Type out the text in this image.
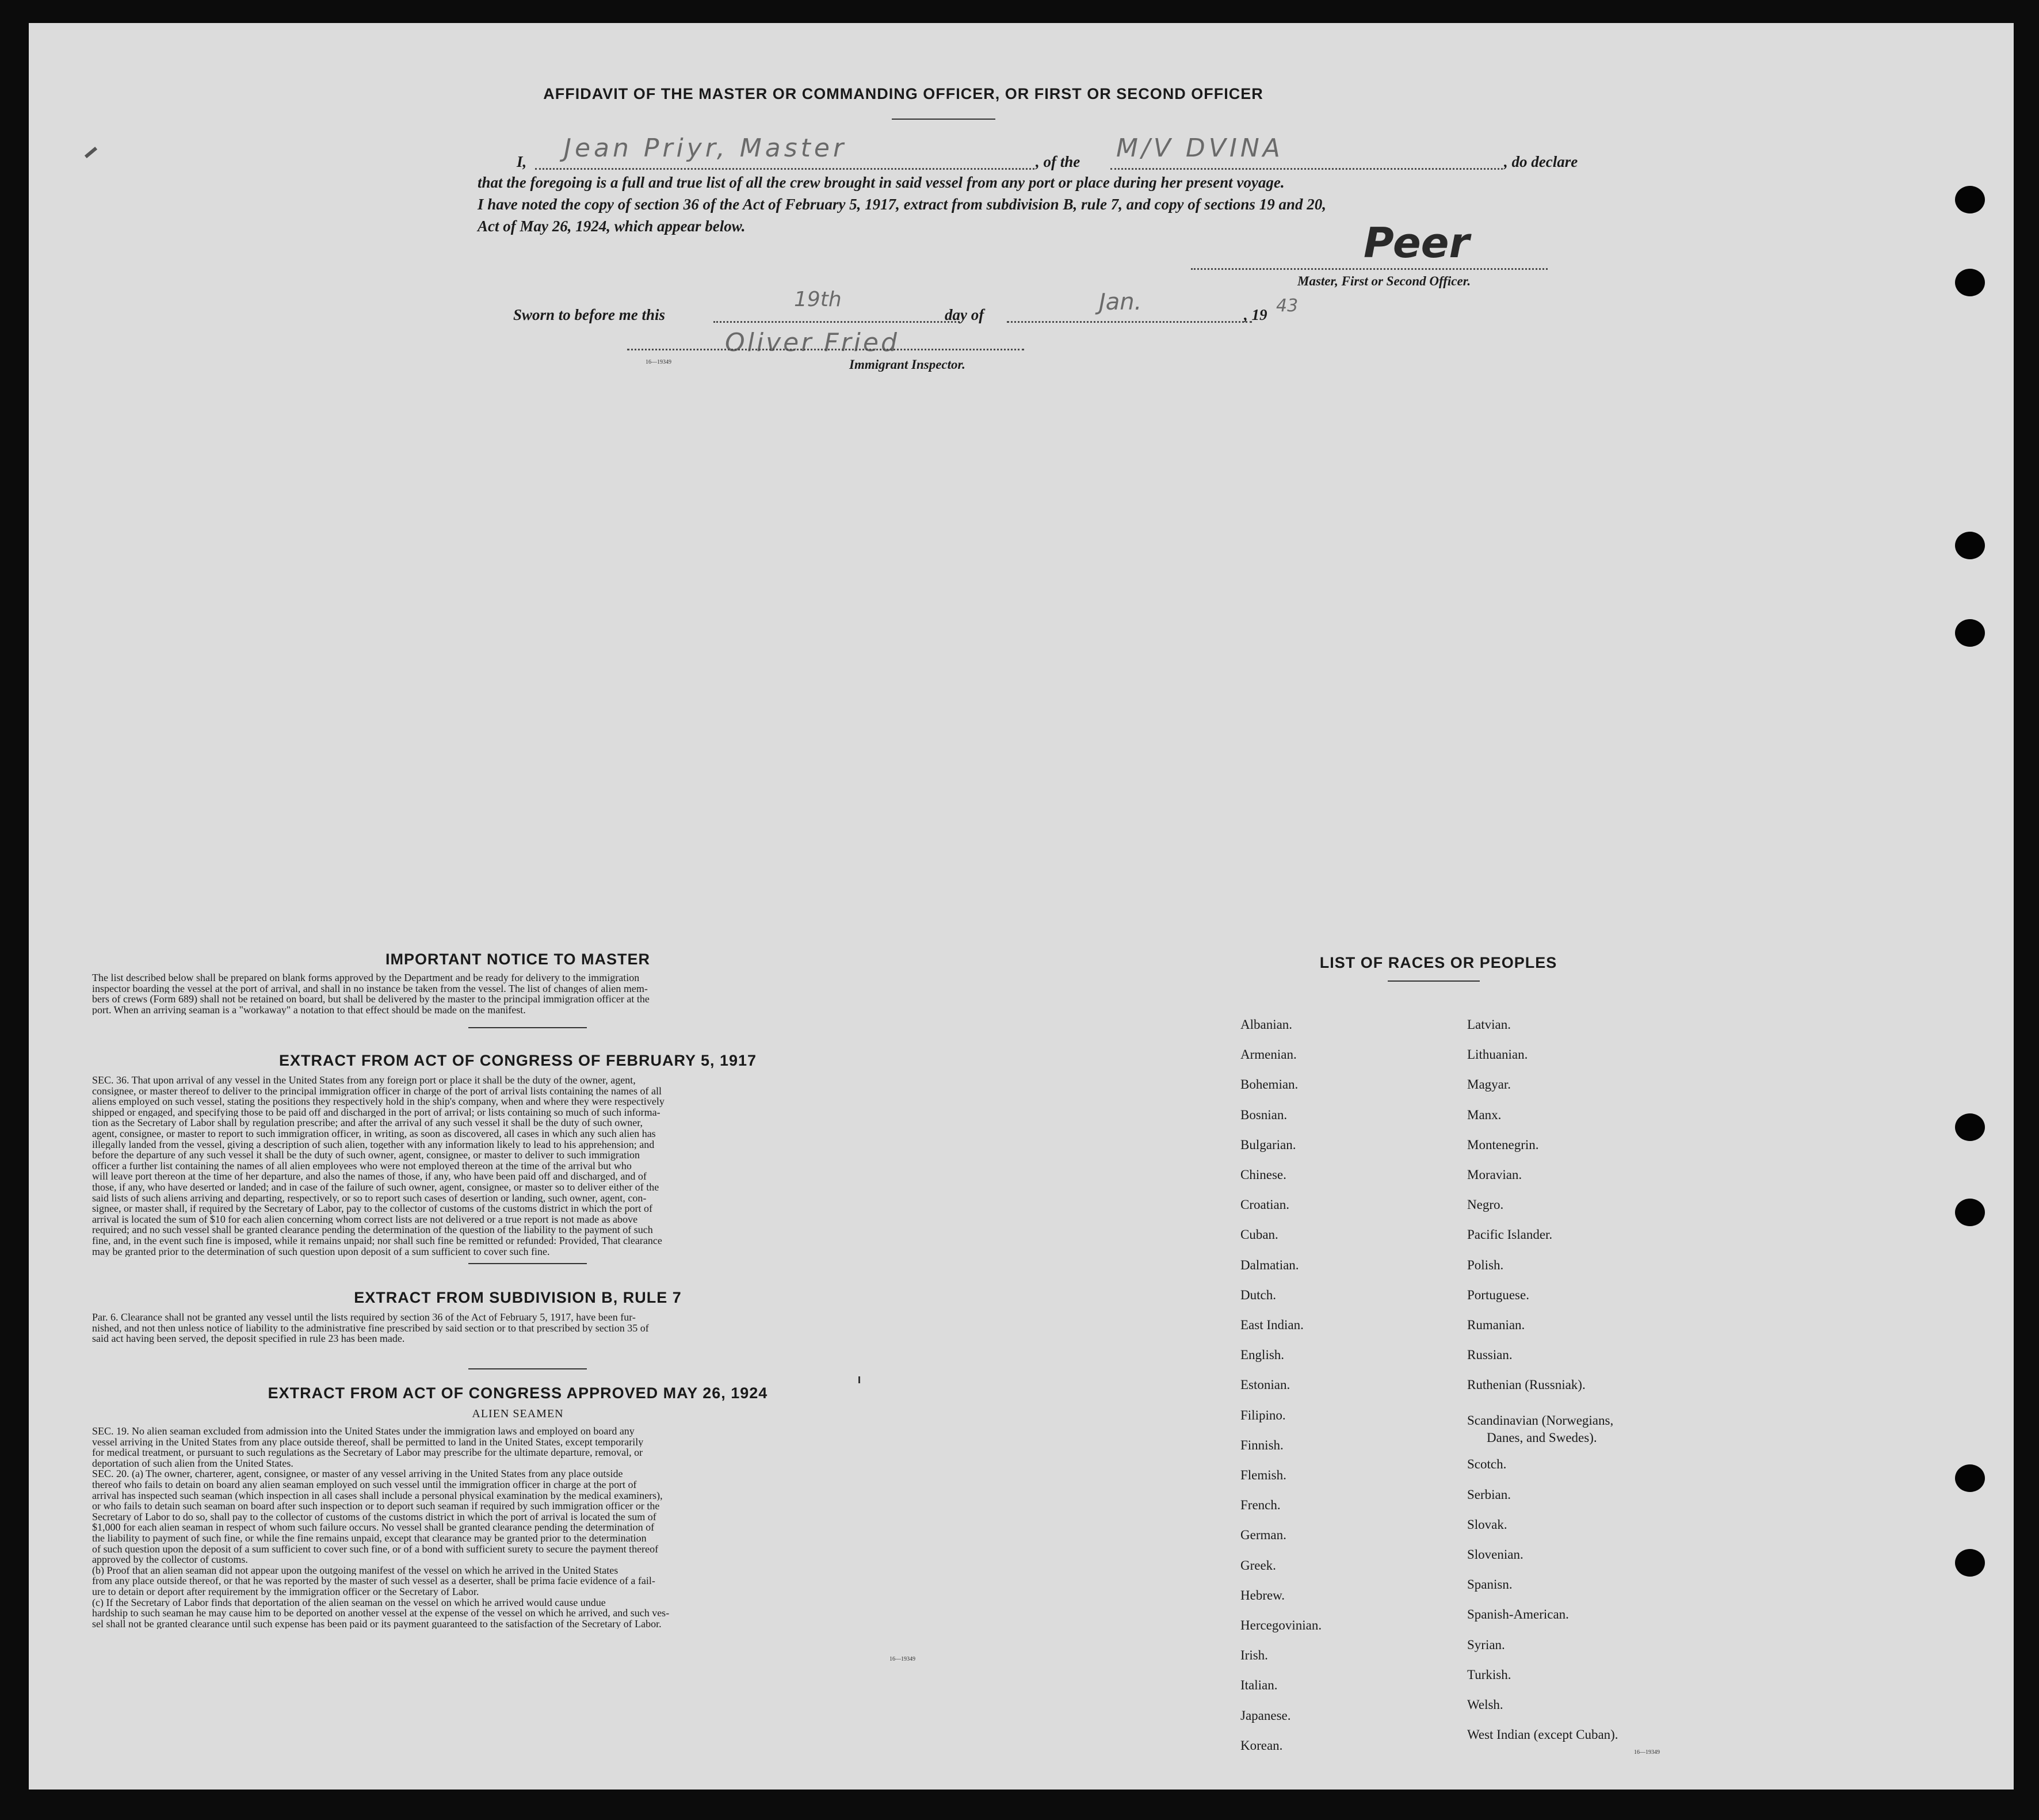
AFFIDAVIT OF THE MASTER OR COMMANDING OFFICER, OR FIRST OR SECOND OFFICER
I, Jean Priyr, Master	, of the M/V DVINA	, do declare
that the foregoing is a full and true list of all the crew brought in said vessel from any port or place during her present voyage.
I have noted the copy of section 36 of the Act of February 5, 1917, extract from subdivision B, rule 7, and copy of sections 19 and 20,
Act of May 26, 1924, which appear below.	Peer
Master, First or Second Officer.
Sworn to before me this
19th
day of	Jan.	, 19 43
Oliver Fried
16—19349	Immigrant Inspector.
IMPORTANT NOTICE TO MASTER
The list described below shall be prepared on blank forms approved by the Department and be ready for delivery to the immigration
inspector boarding the vessel at the port of arrival, and shall in no instance be taken from the vessel. The list of changes of alien mem-
bers of crews (Form 689) shall not be retained on board, but shall be delivered by the master to the principal immigration officer at the
port. When an arriving seaman is a "workaway" a notation to that effect should be made on the manifest.
EXTRACT FROM ACT OF CONGRESS OF FEBRUARY 5, 1917
SEC. 36. That upon arrival of any vessel in the United States from any foreign port or place it shall be the duty of the owner, agent,
consignee, or master thereof to deliver to the principal immigration officer in charge of the port of arrival lists containing the names of all
aliens employed on such vessel, stating the positions they respectively hold in the ship's company, when and where they were respectively
shipped or engaged, and specifying those to be paid off and discharged in the port of arrival; or lists containing so much of such informa-
tion as the Secretary of Labor shall by regulation prescribe; and after the arrival of any such vessel it shall be the duty of such owner,
agent, consignee, or master to report to such immigration officer, in writing, as soon as discovered, all cases in which any such alien has
illegally landed from the vessel, giving a description of such alien, together with any information likely to lead to his apprehension; and
before the departure of any such vessel it shall be the duty of such owner, agent, consignee, or master to deliver to such immigration
officer a further list containing the names of all alien employees who were not employed thereon at the time of the arrival but who
will leave port thereon at the time of her departure, and also the names of those, if any, who have been paid off and discharged, and of
those, if any, who have deserted or landed; and in case of the failure of such owner, agent, consignee, or master so to deliver either of the
said lists of such aliens arriving and departing, respectively, or so to report such cases of desertion or landing, such owner, agent, con-
signee, or master shall, if required by the Secretary of Labor, pay to the collector of customs of the customs district in which the port of
arrival is located the sum of $10 for each alien concerning whom correct lists are not delivered or a true report is not made as above
required; and no such vessel shall be granted clearance pending the determination of the question of the liability to the payment of such
fine, and, in the event such fine is imposed, while it remains unpaid; nor shall such fine be remitted or refunded: Provided, That clearance
may be granted prior to the determination of such question upon deposit of a sum sufficient to cover such fine.
EXTRACT FROM SUBDIVISION B, RULE 7
Par. 6. Clearance shall not be granted any vessel until the lists required by section 36 of the Act of February 5, 1917, have been fur-
nished, and not then unless notice of liability to the administrative fine prescribed by said section or to that prescribed by section 35 of
said act having been served, the deposit specified in rule 23 has been made.
EXTRACT FROM ACT OF CONGRESS APPROVED MAY 26, 1924
ALIEN SEAMEN
SEC. 19. No alien seaman excluded from admission into the United States under the immigration laws and employed on board any
vessel arriving in the United States from any place outside thereof, shall be permitted to land in the United States, except temporarily
for medical treatment, or pursuant to such regulations as the Secretary of Labor may prescribe for the ultimate departure, removal, or
deportation of such alien from the United States.
SEC. 20. (a) The owner, charterer, agent, consignee, or master of any vessel arriving in the United States from any place outside
thereof who fails to detain on board any alien seaman employed on such vessel until the immigration officer in charge at the port of
arrival has inspected such seaman (which inspection in all cases shall include a personal physical examination by the medical examiners),
or who fails to detain such seaman on board after such inspection or to deport such seaman if required by such immigration officer or the
Secretary of Labor to do so, shall pay to the collector of customs of the customs district in which the port of arrival is located the sum of
$1,000 for each alien seaman in respect of whom such failure occurs. No vessel shall be granted clearance pending the determination of
the liability to payment of such fine, or while the fine remains unpaid, except that clearance may be granted prior to the determination
of such question upon the deposit of a sum sufficient to cover such fine, or of a bond with sufficient surety to secure the payment thereof
approved by the collector of customs.
(b) Proof that an alien seaman did not appear upon the outgoing manifest of the vessel on which he arrived in the United States
from any place outside thereof, or that he was reported by the master of such vessel as a deserter, shall be prima facie evidence of a fail-
ure to detain or deport after requirement by the immigration officer or the Secretary of Labor.
(c) If the Secretary of Labor finds that deportation of the alien seaman on the vessel on which he arrived would cause undue
hardship to such seaman he may cause him to be deported on another vessel at the expense of the vessel on which he arrived, and such ves-
sel shall not be granted clearance until such expense has been paid or its payment guaranteed to the satisfaction of the Secretary of Labor.
16—19349
LIST OF RACES OR PEOPLES
16—19349
Albanian.
Armenian.
Bohemian.
Bosnian.
Bulgarian.
Chinese.
Croatian.
Cuban.
Dalmatian.
Dutch.
East Indian.
English.
Estonian.
Filipino.
Finnish.
Flemish.
French.
German.
Greek.
Hebrew.
Hercegovinian.
Irish.
Italian.
Japanese.
Korean.
Latvian.
Lithuanian.
Magyar.
Manx.
Montenegrin.
Moravian.
Negro.
Pacific Islander.
Polish.
Portuguese.
Rumanian.
Russian.
Ruthenian (Russniak).
Scandinavian (Norwegians,
Danes, and Swedes).
Scotch.
Serbian.
Slovak.
Slovenian.
Spanisn.
Spanish-American.
Syrian.
Turkish.
Welsh.
West Indian (except Cuban).
